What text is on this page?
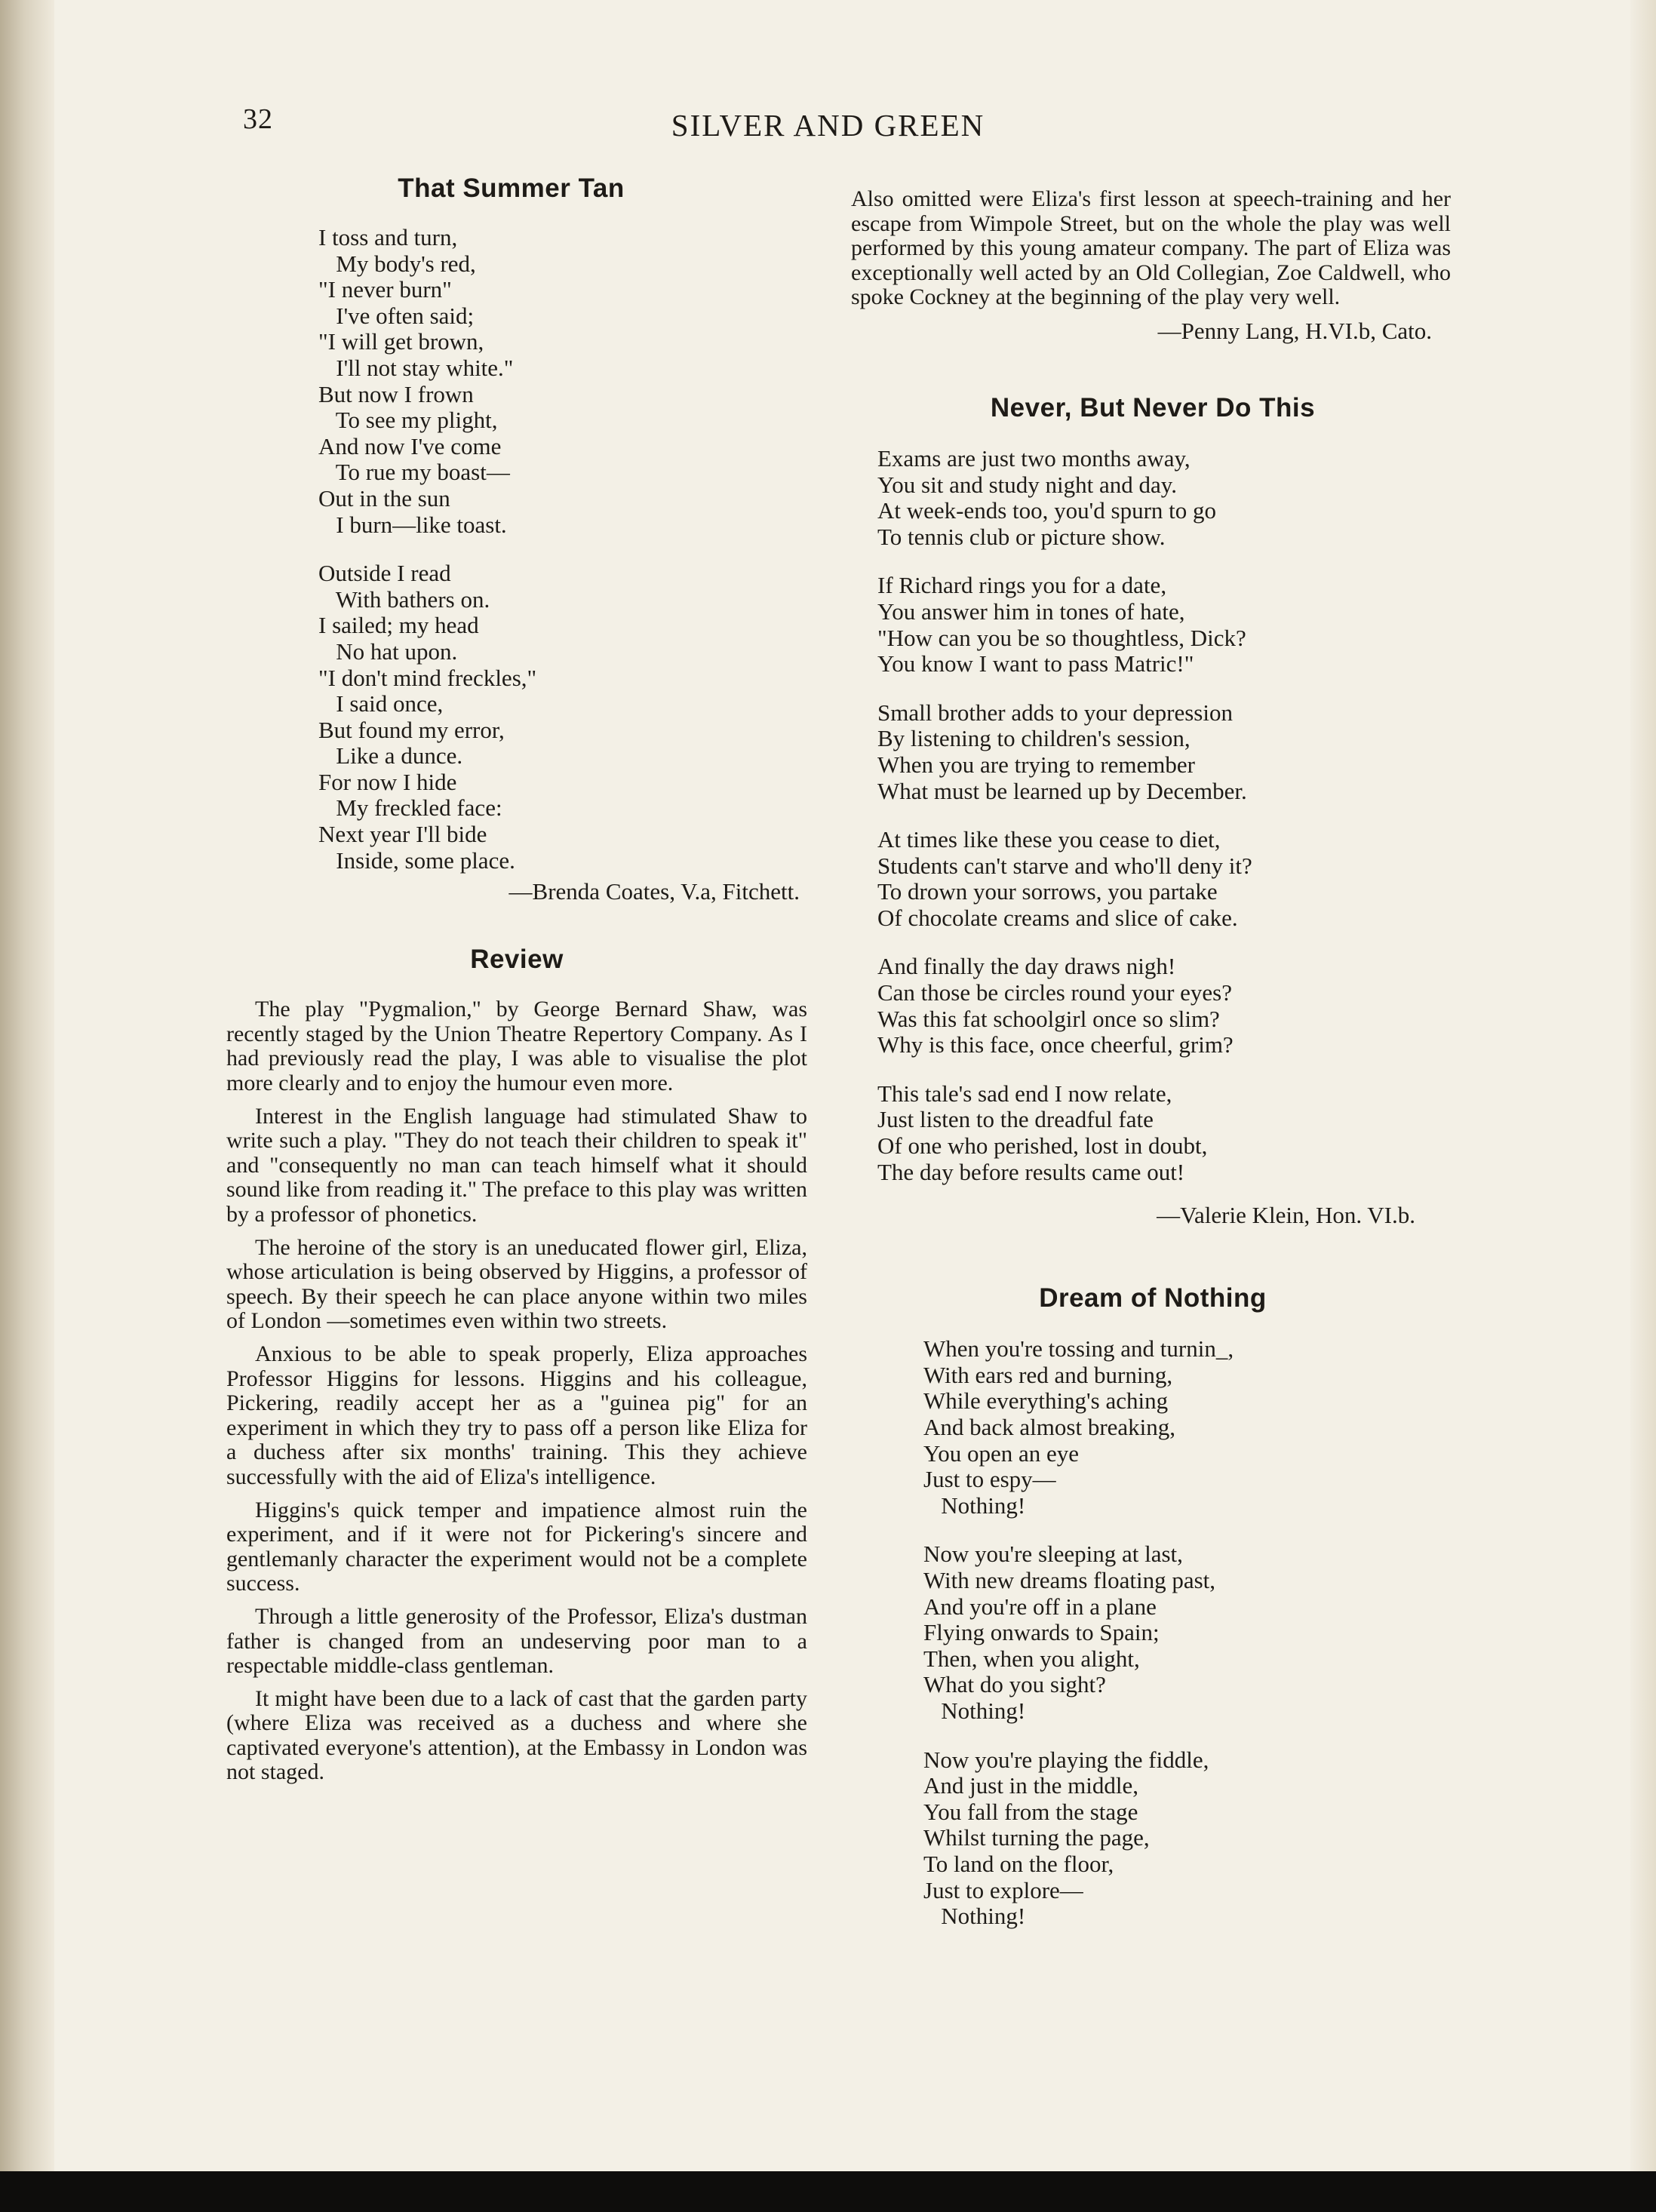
32	SILVER AND GREEN
That Summer Tan
I toss and turn,
My body's red,
"I never burn"
I've often said;
"I will get brown,
I'll not stay white."
But now I frown
To see my plight,
And now I've come
To rue my boast—
Out in the sun
I burn—like toast.
Outside I read
With bathers on.
I sailed; my head
No hat upon.
"I don't mind freckles,"
I said once,
But found my error,
Like a dunce.
For now I hide
My freckled face:
Next year I'll bide
Inside, some place.
—Brenda Coates, V.a, Fitchett.
Review

The play "Pygmalion," by George Bernard Shaw, was recently staged by the Union Theatre Repertory Company. As I had previously read the play, I was able to visualise the plot more clearly and to enjoy the humour even more.

Interest in the English language had stimulated Shaw to write such a play. "They do not teach their children to speak it" and "consequently no man can teach himself what it should sound like from reading it." The preface to this play was written by a professor of phonetics.

The heroine of the story is an uneducated flower girl, Eliza, whose articulation is being observed by Higgins, a professor of speech. By their speech he can place anyone within two miles of London —sometimes even within two streets.

Anxious to be able to speak properly, Eliza approaches Professor Higgins for lessons. Higgins and his colleague, Pickering, readily accept her as a "guinea pig" for an experiment in which they try to pass off a person like Eliza for a duchess after six months' training. This they achieve successfully with the aid of Eliza's intelligence.

Higgins's quick temper and impatience almost ruin the experiment, and if it were not for Pickering's sincere and gentlemanly character the experiment would not be a complete success.

Through a little generosity of the Professor, Eliza's dustman father is changed from an undeserving poor man to a respectable middle-class gentleman.

It might have been due to a lack of cast that the garden party (where Eliza was received as a duchess and where she captivated everyone's attention), at the Embassy in London was not staged.

Also omitted were Eliza's first lesson at speech-training and her escape from Wimpole Street, but on the whole the play was well performed by this young amateur company. The part of Eliza was exceptionally well acted by an Old Collegian, Zoe Caldwell, who spoke Cockney at the beginning of the play very well.

—Penny Lang, H.VI.b, Cato.
Never, But Never Do This
Exams are just two months away,
You sit and study night and day.
At week-ends too, you'd spurn to go
To tennis club or picture show.
If Richard rings you for a date,
You answer him in tones of hate,
"How can you be so thoughtless, Dick?
You know I want to pass Matric!"
Small brother adds to your depression
By listening to children's session,
When you are trying to remember
What must be learned up by December.
At times like these you cease to diet,
Students can't starve and who'll deny it?
To drown your sorrows, you partake
Of chocolate creams and slice of cake.
And finally the day draws nigh!
Can those be circles round your eyes?
Was this fat schoolgirl once so slim?
Why is this face, once cheerful, grim?
This tale's sad end I now relate,
Just listen to the dreadful fate
Of one who perished, lost in doubt,
The day before results came out!
—Valerie Klein, Hon. VI.b.
Dream of Nothing
When you're tossing and turnin_,
With ears red and burning,
While everything's aching
And back almost breaking,
You open an eye
Just to espy—
Nothing!
Now you're sleeping at last,
With new dreams floating past,
And you're off in a plane
Flying onwards to Spain;
Then, when you alight,
What do you sight?
Nothing!
Now you're playing the fiddle,
And just in the middle,
You fall from the stage
Whilst turning the page,
To land on the floor,
Just to explore—
Nothing!
